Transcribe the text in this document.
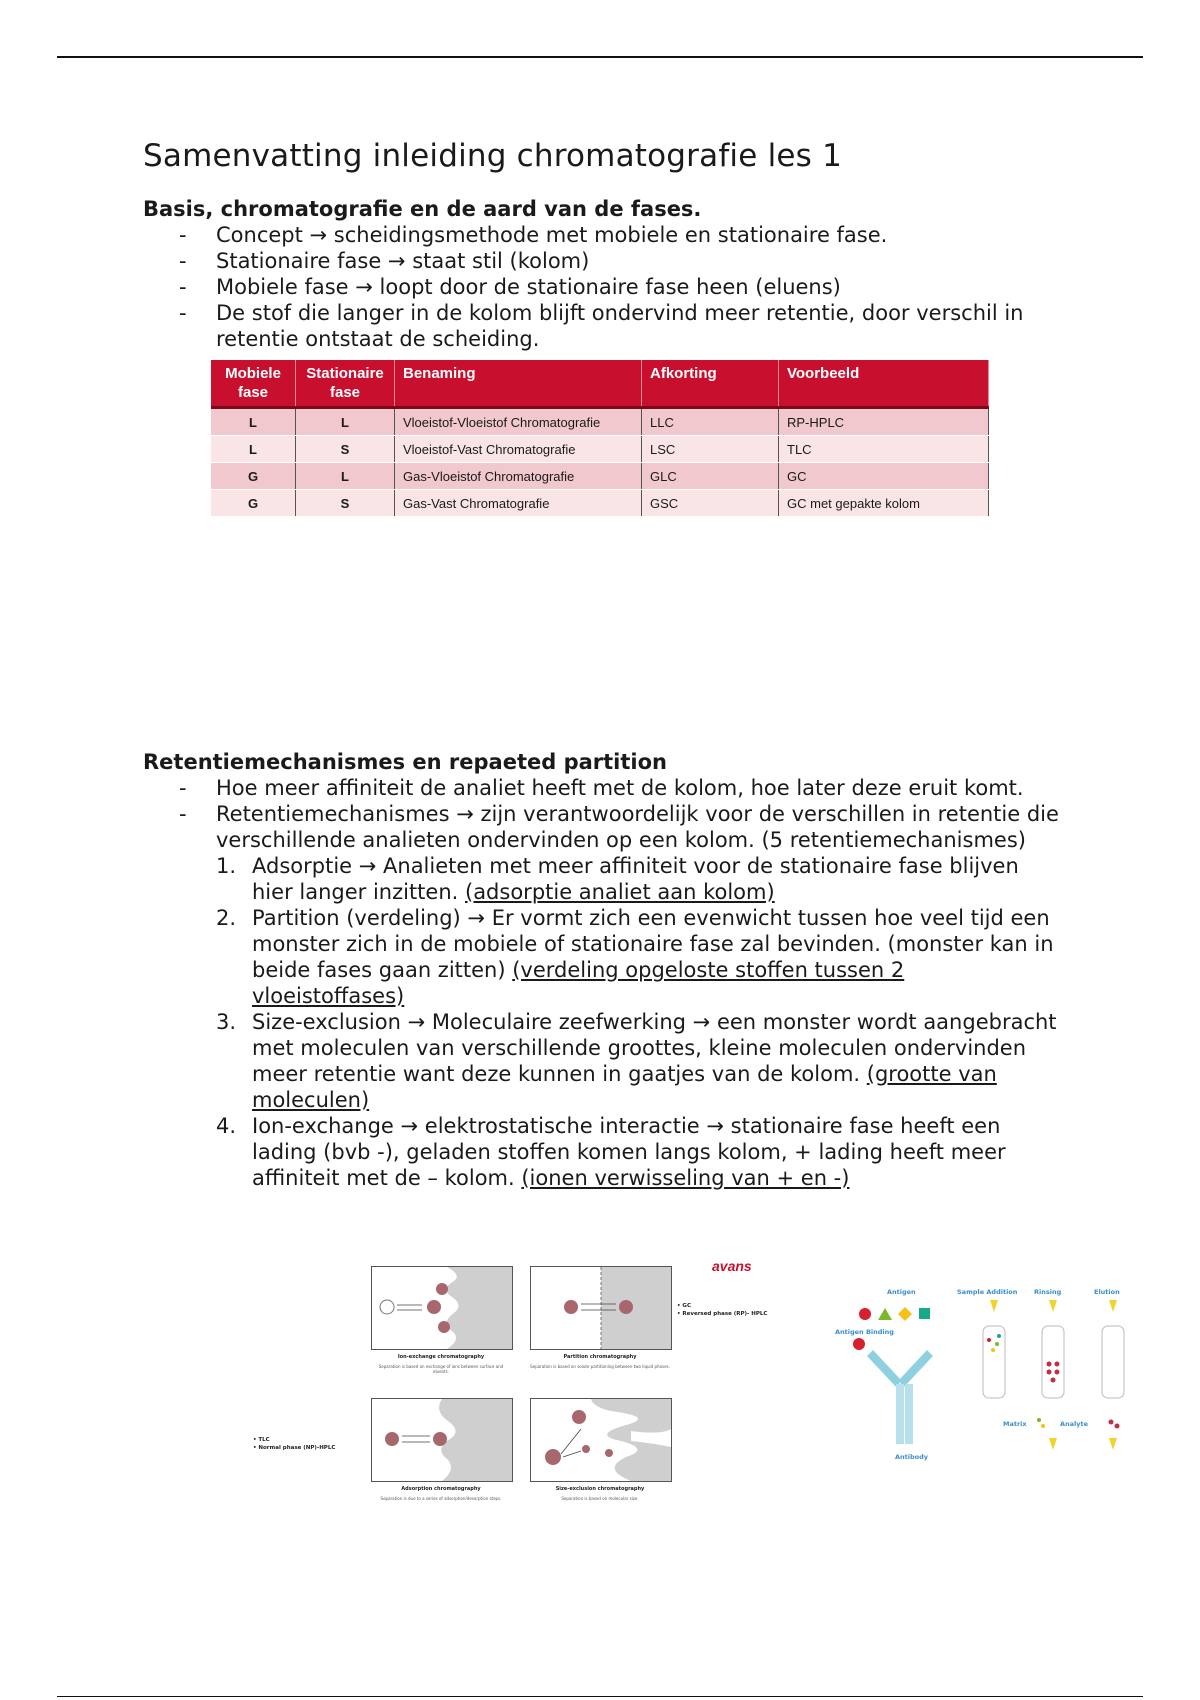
Samenvatting inleiding chromatografie les 1
Basis, chromatografie en de aard van de fases.
- Concept → scheidingsmethode met mobiele en stationaire fase.
- Stationaire fase → staat stil (kolom)
- Mobiele fase → loopt door de stationaire fase heen (eluens)
- De stof die langer in de kolom blijft ondervind meer retentie, door verschil in retentie ontstaat de scheiding.
Mobiele fase	Stationaire fase	Benaming	Afkorting	Voorbeeld
L	L	Vloeistof-Vloeistof Chromatografie	LLC	RP-HPLC
L	S	Vloeistof-Vast Chromatografie	LSC	TLC
G	L	Gas-Vloeistof Chromatografie	GLC	GC
G	S	Gas-Vast Chromatografie	GSC	GC met gepakte kolom
Retentiemechanismes en repaeted partition
- Hoe meer affiniteit de analiet heeft met de kolom, hoe later deze eruit komt.
- Retentiemechanismes → zijn verantwoordelijk voor de verschillen in retentie die verschillende analieten ondervinden op een kolom. (5 retentiemechanismes)
1. Adsorptie → Analieten met meer affiniteit voor de stationaire fase blijven hier langer inzitten. (adsorptie analiet aan kolom)
2. Partition (verdeling) → Er vormt zich een evenwicht tussen hoe veel tijd een monster zich in de mobiele of stationaire fase zal bevinden. (monster kan in beide fases gaan zitten) (verdeling opgeloste stoffen tussen 2 vloeistoffases)
3. Size-exclusion → Moleculaire zeefwerking → een monster wordt aangebracht met moleculen van verschillende groottes, kleine moleculen ondervinden meer retentie want deze kunnen in gaatjes van de kolom. (grootte van moleculen)
4. Ion-exchange → elektrostatische interactie → stationaire fase heeft een lading (bvb -), geladen stoffen komen langs kolom, + lading heeft meer affiniteit met de – kolom. (ionen verwisseling van + en -)
avans
Ion-exchange chromatography
Separation is based on exchange of ions between surface and eluents.
Partition chromatography
Separation is based on solute partitioning between two liquid phases.
• GC
• Reversed phase (RP)- HPLC
Adsorption chromatography
Separation is due to a series of adsorption/desorption steps.
Size-exclusion chromatography
Separation is based on molecular size.
• TLC
• Normal phase (NP)-HPLC
Antigen	Sample Addition	Rinsing	Elution
Antigen Binding
Antibody
Matrix	Analyte
